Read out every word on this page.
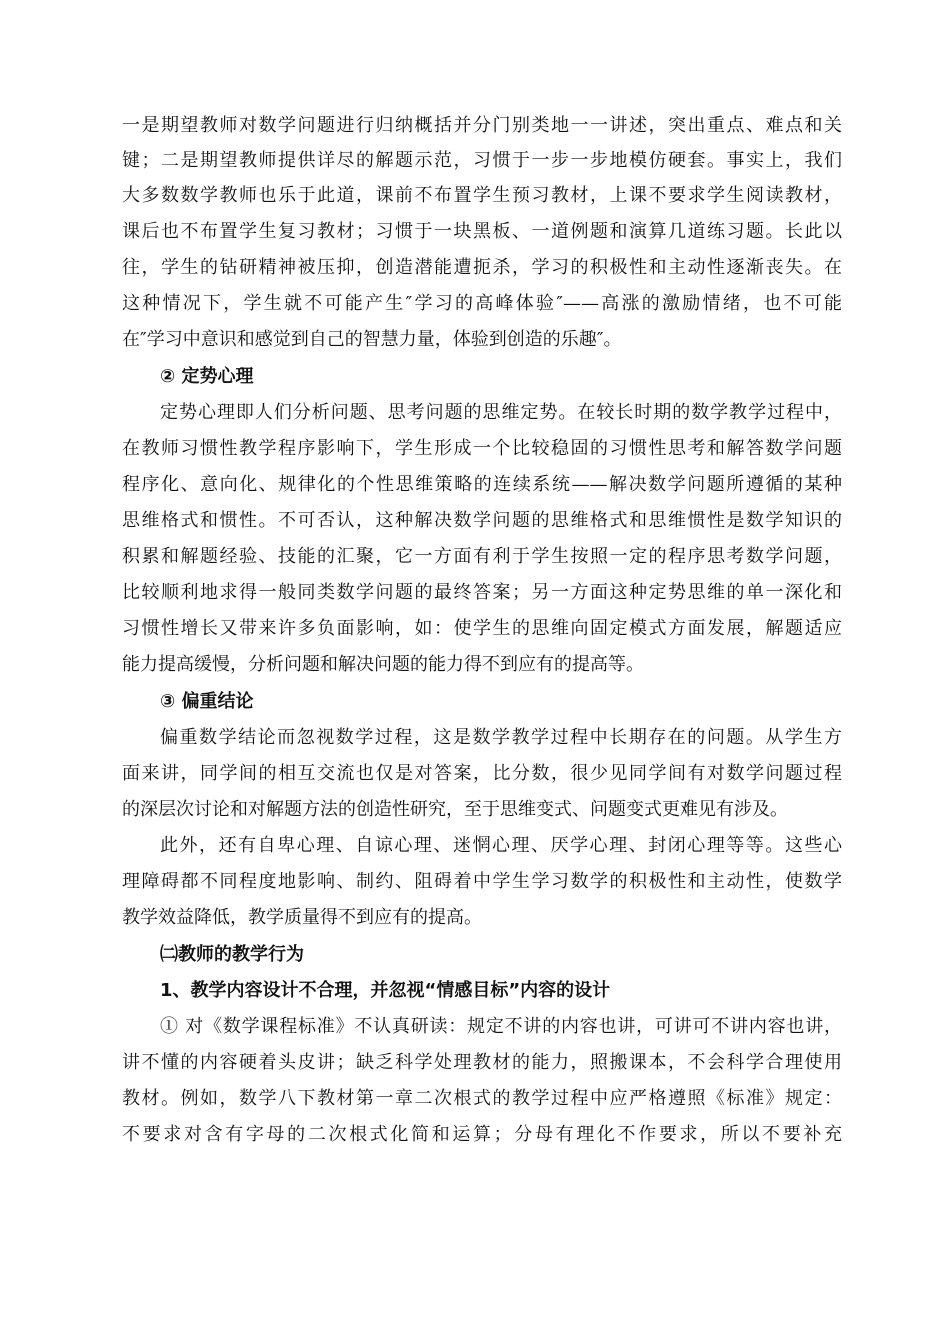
一是期望教师对数学问题进行归纳概括并分门别类地一一讲述，突出重点、难点和关
键；二是期望教师提供详尽的解题示范，习惯于一步一步地模仿硬套。事实上，我们
大多数数学教师也乐于此道，课前不布置学生预习教材，上课不要求学生阅读教材，
课后也不布置学生复习教材；习惯于一块黑板、一道例题和演算几道练习题。长此以
往，学生的钻研精神被压抑，创造潜能遭扼杀，学习的积极性和主动性逐渐丧失。在
这种情况下，学生就不可能产生″学习的高峰体验″——高涨的激励情绪，也不可能
在″学习中意识和感觉到自己的智慧力量，体验到创造的乐趣″。
② 定势心理
定势心理即人们分析问题、思考问题的思维定势。在较长时期的数学教学过程中，
在教师习惯性教学程序影响下，学生形成一个比较稳固的习惯性思考和解答数学问题
程序化、意向化、规律化的个性思维策略的连续系统——解决数学问题所遵循的某种
思维格式和惯性。不可否认，这种解决数学问题的思维格式和思维惯性是数学知识的
积累和解题经验、技能的汇聚，它一方面有利于学生按照一定的程序思考数学问题，
比较顺利地求得一般同类数学问题的最终答案；另一方面这种定势思维的单一深化和
习惯性增长又带来许多负面影响，如：使学生的思维向固定模式方面发展，解题适应
能力提高缓慢，分析问题和解决问题的能力得不到应有的提高等。
③ 偏重结论
偏重数学结论而忽视数学过程，这是数学教学过程中长期存在的问题。从学生方
面来讲，同学间的相互交流也仅是对答案，比分数，很少见同学间有对数学问题过程
的深层次讨论和对解题方法的创造性研究，至于思维变式、问题变式更难见有涉及。
此外，还有自卑心理、自谅心理、迷惘心理、厌学心理、封闭心理等等。这些心
理障碍都不同程度地影响、制约、阻碍着中学生学习数学的积极性和主动性，使数学
教学效益降低，教学质量得不到应有的提高。
㈡教师的教学行为
1、教学内容设计不合理，并忽视“情感目标”内容的设计
① 对《数学课程标准》不认真研读：规定不讲的内容也讲，可讲可不讲内容也讲，
讲不懂的内容硬着头皮讲；缺乏科学处理教材的能力，照搬课本，不会科学合理使用
教材。例如，数学八下教材第一章二次根式的教学过程中应严格遵照《标准》规定：
不要求对含有字母的二次根式化简和运算；分母有理化不作要求，所以不要补充
